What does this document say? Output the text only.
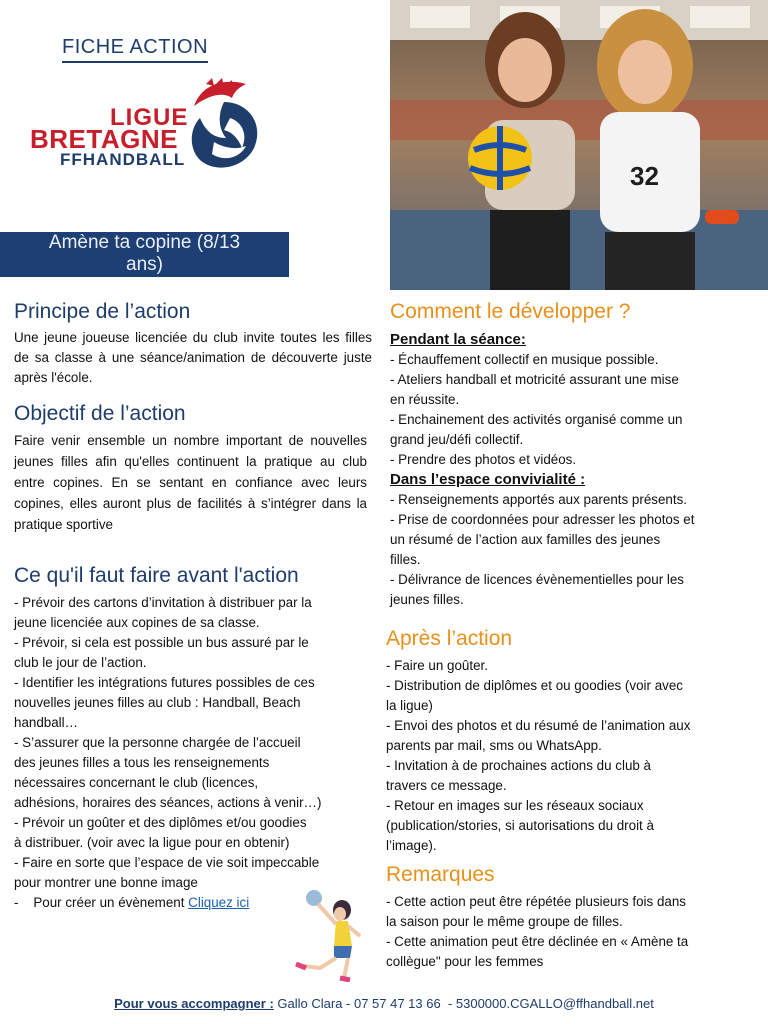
FICHE ACTION
LIGUE
BRETAGNE
FFHANDBALL
Amène ta copine (8/13
ans)
32
Principe de l’action
Une jeune joueuse licenciée du club invite toutes les filles de sa classe à une séance/animation de découverte juste après l'école.
Objectif de l’action
Faire venir ensemble un nombre important de nouvelles jeunes filles afin qu'elles continuent la pratique au club entre copines. En se sentant en confiance avec leurs copines, elles auront plus de facilités à s’intégrer dans la pratique sportive
Ce qu'il faut faire avant l'action
- Prévoir des cartons d’invitation à distribuer par la
jeune licenciée aux copines de sa classe.
- Prévoir, si cela est possible un bus assuré par le
club le jour de l’action.
- Identifier les intégrations futures possibles de ces
nouvelles jeunes filles au club : Handball, Beach
handball…
- S’assurer que la personne chargée de l’accueil
des jeunes filles a tous les renseignements
nécessaires concernant le club (licences,
adhésions, horaires des séances, actions à venir…)
- Prévoir un goûter et des diplômes et/ou goodies
à distribuer. (voir avec la ligue pour en obtenir)
- Faire en sorte que l’espace de vie soit impeccable
pour montrer une bonne image
-    Pour créer un évènement Cliquez ici
Comment le développer ?
Pendant la séance:
- Échauffement collectif en musique possible.
- Ateliers handball et motricité assurant une mise
en réussite.
- Enchainement des activités organisé comme un
grand jeu/défi collectif.
- Prendre des photos et vidéos.
Dans l’espace convivialité :
- Renseignements apportés aux parents présents.
- Prise de coordonnées pour adresser les photos et
un résumé de l’action aux familles des jeunes
filles.
- Délivrance de licences évènementielles pour les
jeunes filles.
Après l’action
- Faire un goûter.
- Distribution de diplômes et ou goodies (voir avec
la ligue)
- Envoi des photos et du résumé de l’animation aux
parents par mail, sms ou WhatsApp.
- Invitation à de prochaines actions du club à
travers ce message.
- Retour en images sur les réseaux sociaux
(publication/stories, si autorisations du droit à
l’image).
Remarques
- Cette action peut être répétée plusieurs fois dans
la saison pour le même groupe de filles.
- Cette animation peut être déclinée en « Amène ta
collègue" pour les femmes
Pour vous accompagner : Gallo Clara - 07 57 47 13 66  - 5300000.CGALLO@ffhandball.net
